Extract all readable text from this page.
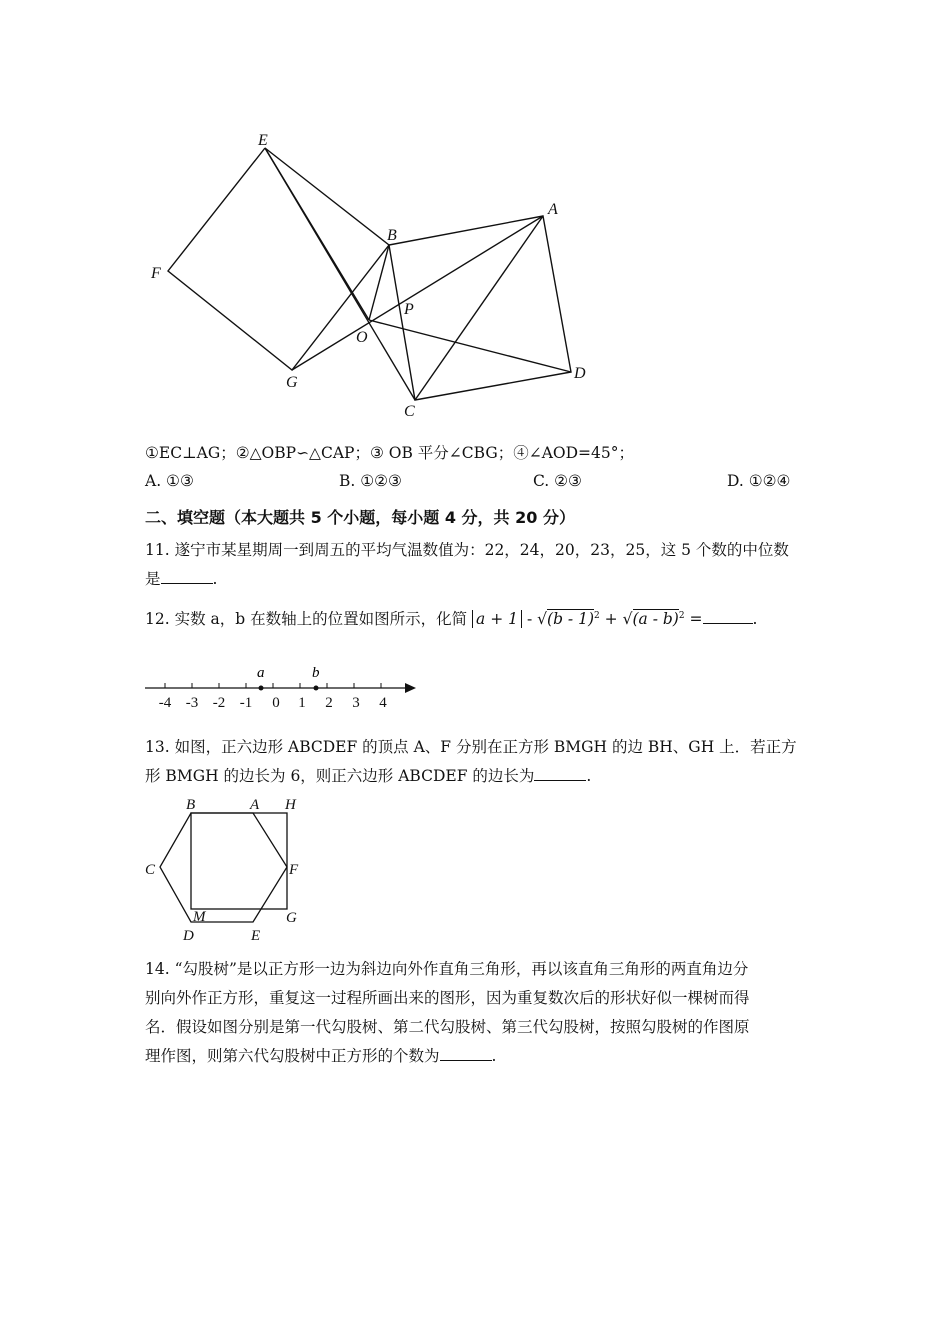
E
F
G
B
A
P
O
D
C
①EC⊥AG；②△OBP∽△CAP；③ OB 平分∠CBG；④∠AOD=45°；
A. ①③	B. ①②③	C. ②③	D. ①②④
二、填空题（本大题共 5 个小题，每小题 4 分，共 20 分）
11. 遂宁市某星期周一到周五的平均气温数值为：22，24，20，23，25，这 5 个数的中位数
是	.
12. 实数 a，b 在数轴上的位置如图所示，化简 a + 1 - √(b - 1)$^2$ + √(a - b)$^2$ =	.
a	b
-4 -3 -2 -1 0 1 2 3 4
13. 如图，正六边形 ABCDEF 的顶点 A、F 分别在正方形 BMGH 的边 BH、GH 上．若正方
形 BMGH 的边长为 6，则正六边形 ABCDEF 的边长为	.
B	A H
C	F
M	G
D	E
14. “勾股树”是以正方形一边为斜边向外作直角三角形，再以该直角三角形的两直角边分
别向外作正方形，重复这一过程所画出来的图形，因为重复数次后的形状好似一棵树而得
名．假设如图分别是第一代勾股树、第二代勾股树、第三代勾股树，按照勾股树的作图原
理作图，则第六代勾股树中正方形的个数为	.
